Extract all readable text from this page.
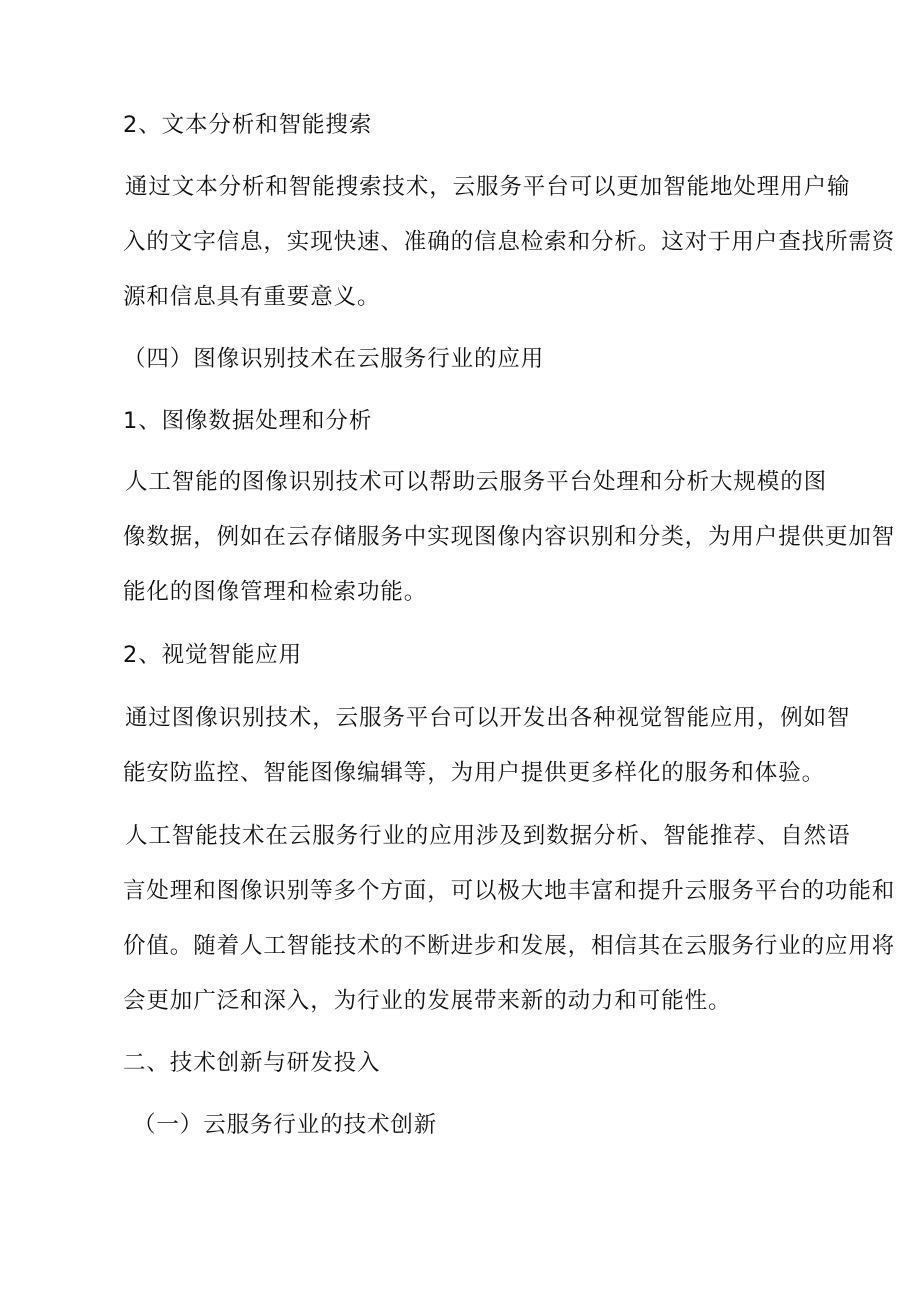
2、文本分析和智能搜索

通过文本分析和智能搜索技术，云服务平台可以更加智能地处理用户输

入的文字信息，实现快速、准确的信息检索和分析。这对于用户查找所需资

源和信息具有重要意义。

（四）图像识别技术在云服务行业的应用

1、图像数据处理和分析

人工智能的图像识别技术可以帮助云服务平台处理和分析大规模的图

像数据，例如在云存储服务中实现图像内容识别和分类，为用户提供更加智

能化的图像管理和检索功能。

2、视觉智能应用

通过图像识别技术，云服务平台可以开发出各种视觉智能应用，例如智

能安防监控、智能图像编辑等，为用户提供更多样化的服务和体验。

人工智能技术在云服务行业的应用涉及到数据分析、智能推荐、自然语

言处理和图像识别等多个方面，可以极大地丰富和提升云服务平台的功能和

价值。随着人工智能技术的不断进步和发展，相信其在云服务行业的应用将

会更加广泛和深入，为行业的发展带来新的动力和可能性。

二、技术创新与研发投入

（一）云服务行业的技术创新
